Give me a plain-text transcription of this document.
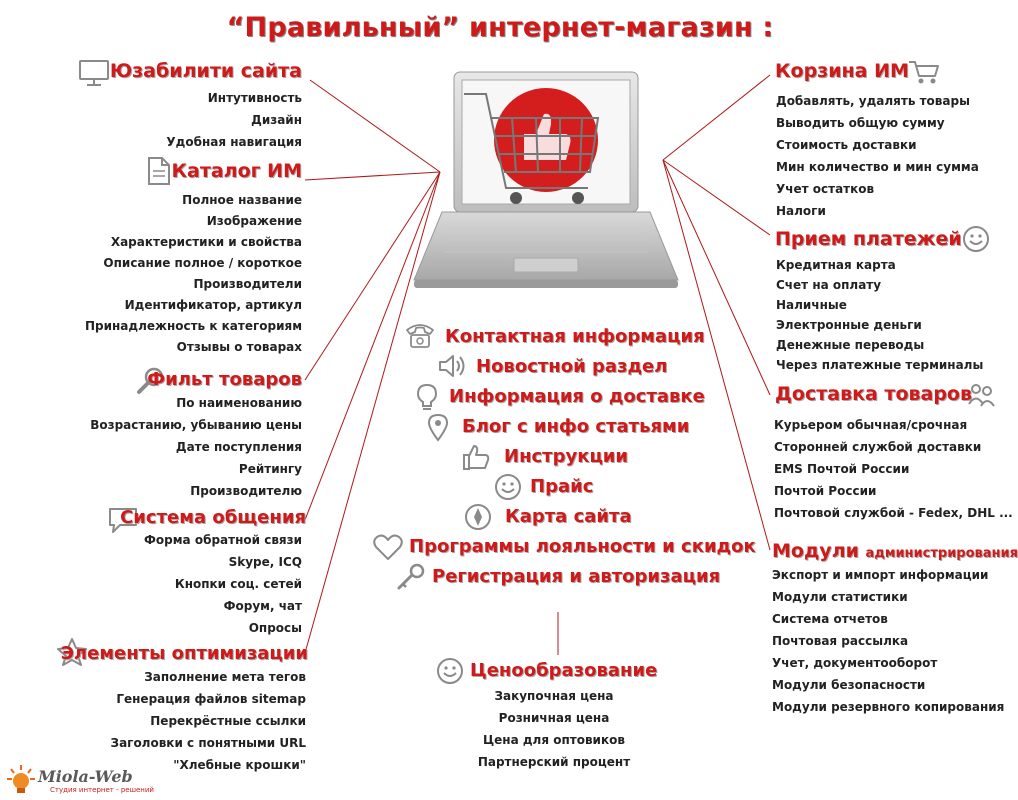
“Правильный” интернет-магазин :
Юзабилити сайта
Интутивность
Дизайн
Удобная навигация
Каталог ИМ
Полное название
Изображение
Характеристики и свойства
Описание полное / короткое
Производители
Идентификатор, артикул
Принадлежность к категориям
Отзывы о товарах
Фильт товаров
По наименованию
Возрастанию, убыванию цены
Дате поступления
Рейтингу
Производителю
Система общения
Форма обратной связи
Skype, ICQ
Кнопки соц. сетей
Форум, чат
Опросы
Элементы оптимизации
Заполнение мета тегов
Генерация файлов sitemap
Перекрёстные ссылки
Заголовки с понятными URL
"Хлебные крошки"
Корзина ИМ
Добавлять, удалять товары
Выводить общую сумму
Стоимость доставки
Мин количество и мин сумма
Учет остатков
Налоги
Прием платежей
Кредитная карта
Счет на оплату
Наличные
Электронные деньги
Денежные переводы
Через платежные терминалы
Доставка товаров
Курьером обычная/срочная
Сторонней службой доставки
EMS Почтой России
Почтой России
Почтовой службой - Fedex, DHL ...
Модули администрирования
Экспорт и импорт информации
Модули статистики
Система отчетов
Почтовая рассылка
Учет, документооборот
Модули безопасности
Модули резервного копирования
Контактная информация
Новостной раздел
Информация о доставке
Блог с инфо статьями
Инструкции
Прайс
Карта сайта
Программы лояльности и скидок
Регистрация и авторизация
Ценообразование
Закупочная цена
Розничная цена
Цена для оптовиков
Партнерский процент
Miola-Web
Студия интернет - решений
